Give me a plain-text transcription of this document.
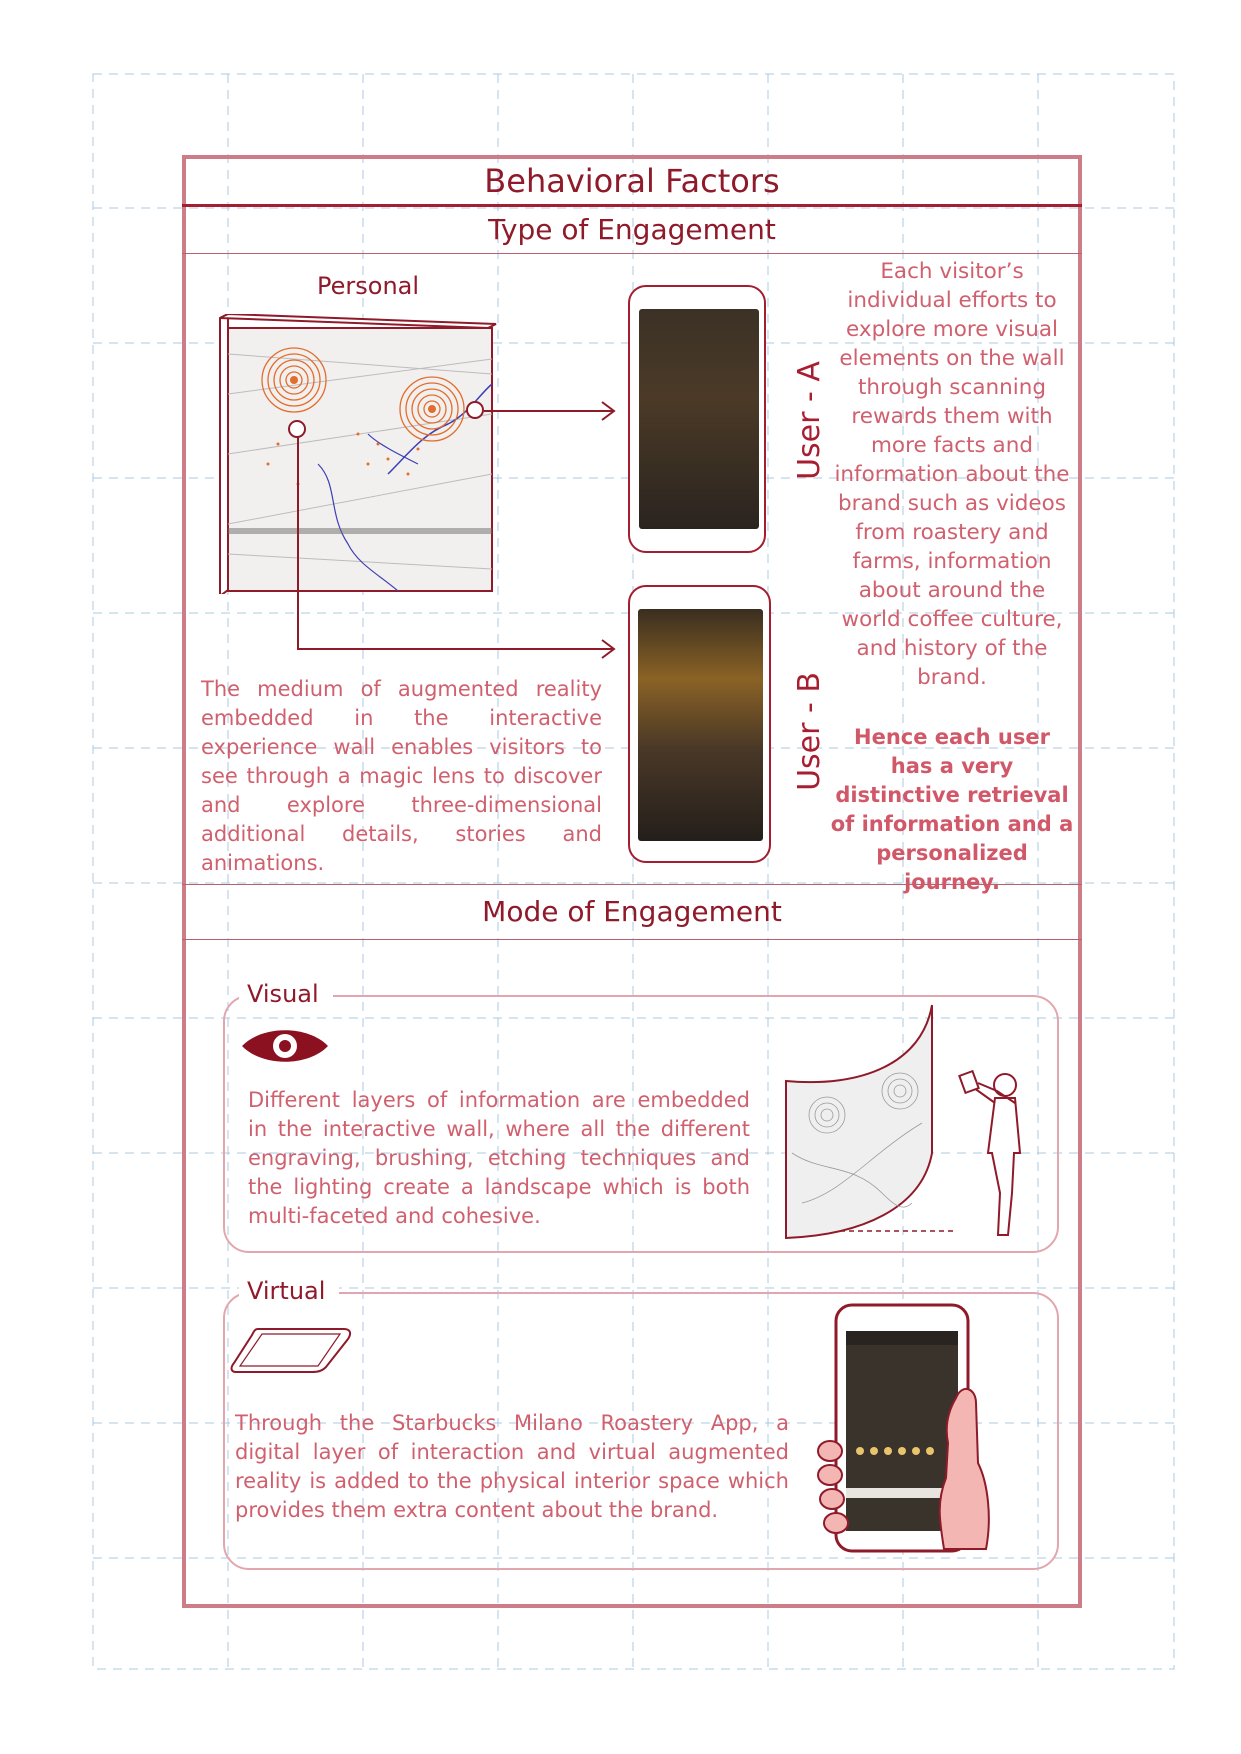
Behavioral Factors
Type of Engagement
Personal
User - A
User - B
The medium of augmented reality embedded in the interactive experience wall enables visitors to see through a magic lens to discover and explore three-dimensional additional details, stories and animations.
Each visitor’s individual efforts to explore more visual elements on the wall through scanning rewards them with more facts and information about the brand such as videos from roastery and farms, information about around the world coffee culture, and history of the brand.
Hence each user has a very distinctive retrieval of information and a personalized journey.
Mode of Engagement
Visual
Different layers of information are embedded in the interactive wall, where all the different engraving, brushing, etching techniques and the lighting create a landscape which is both multi-faceted and cohesive.
Virtual
Through the Starbucks Milano Roastery App, a digital layer of interaction and virtual augmented reality is added to the physical interior space which provides them extra content about the brand.
